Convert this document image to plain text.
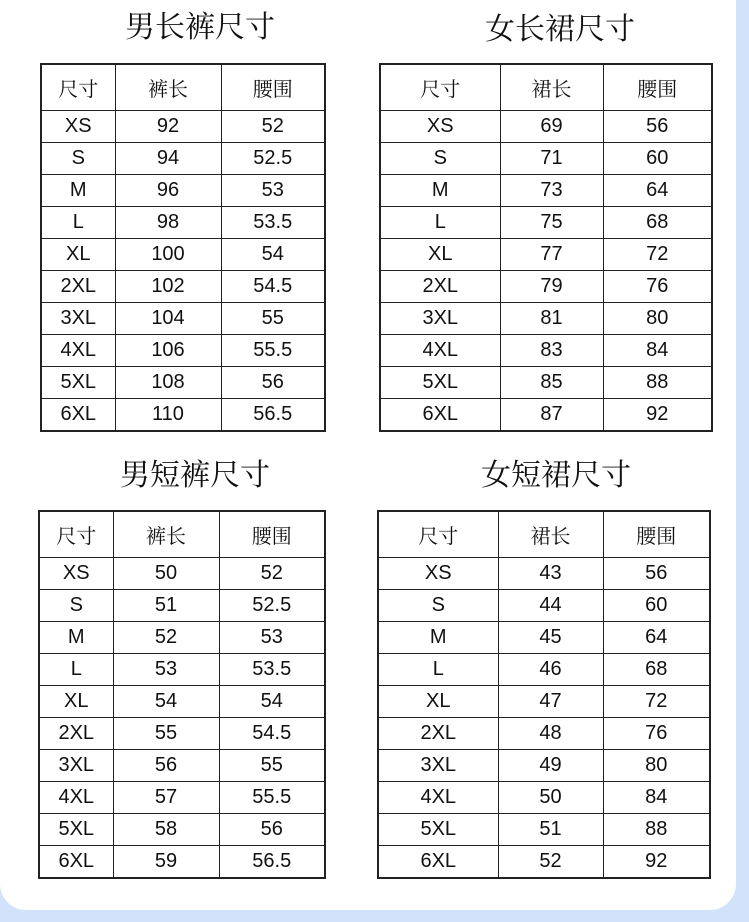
男长裤尺寸
尺寸	裤长	腰围
XS	92	52
S	94	52.5
M	96	53
L	98	53.5
XL	100	54
2XL	102	54.5
3XL	104	55
4XL	106	55.5
5XL	108	56
6XL	110	56.5
女长裙尺寸
尺寸	裙长	腰围
XS	69	56
S	71	60
M	73	64
L	75	68
XL	77	72
2XL	79	76
3XL	81	80
4XL	83	84
5XL	85	88
6XL	87	92
男短裤尺寸
尺寸	裤长	腰围
XS	50	52
S	51	52.5
M	52	53
L	53	53.5
XL	54	54
2XL	55	54.5
3XL	56	55
4XL	57	55.5
5XL	58	56
6XL	59	56.5
女短裙尺寸
尺寸	裙长	腰围
XS	43	56
S	44	60
M	45	64
L	46	68
XL	47	72
2XL	48	76
3XL	49	80
4XL	50	84
5XL	51	88
6XL	52	92
